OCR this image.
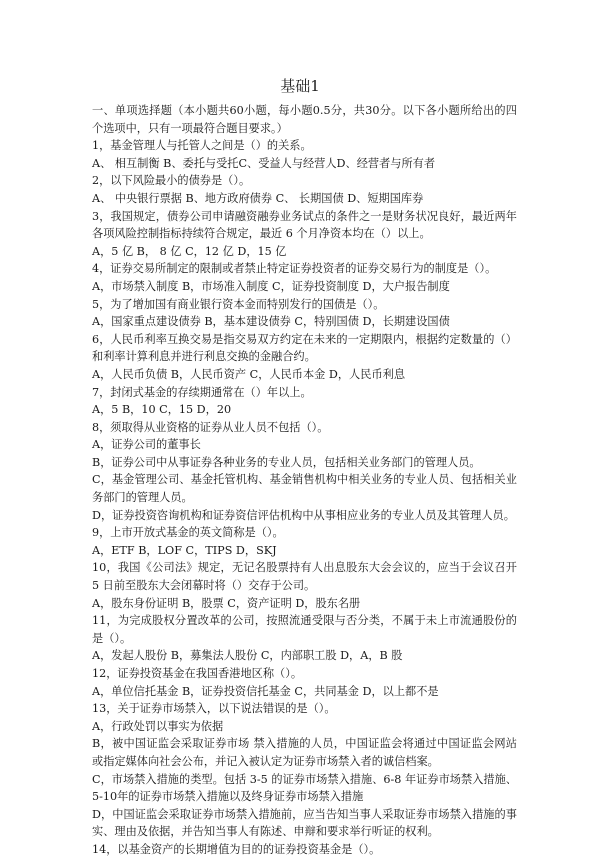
基础1
一、单项选择题（本小题共60小题，每小题0.5分，共30分。以下各小题所给出的四个选项中，只有一项最符合题目要求。）
1，基金管理人与托管人之间是（）的关系。
A、 相互制衡 B、委托与受托C、受益人与经营人D、经营者与所有者
2，以下风险最小的债券是（）。
A、 中央银行票据 B、地方政府债券 C、 长期国债 D、短期国库券
3，我国规定，债券公司申请融资融券业务试点的条件之一是财务状况良好，最近两年各项风险控制指标持续符合规定，最近 6 个月净资本均在（）以上。
A，5 亿 B， 8 亿 C，12 亿 D，15 亿
4，证券交易所制定的限制或者禁止特定证券投资者的证券交易行为的制度是（）。
A，市场禁入制度 B，市场准入制度 C，证券投资制度 D，大户报告制度
5，为了增加国有商业银行资本金而特别发行的国债是（）。
A，国家重点建设债券 B，基本建设债券 C，特别国债 D，长期建设国债
6，人民币利率互换交易是指交易双方约定在未来的一定期限内，根据约定数量的（）和利率计算利息并进行利息交换的金融合约。
A，人民币负债 B，人民币资产 C，人民币本金 D，人民币利息
7，封闭式基金的存续期通常在（）年以上。
A，5 B，10 C，15 D，20
8，须取得从业资格的证券从业人员不包括（）。
A，证券公司的董事长
B，证券公司中从事证券各种业务的专业人员，包括相关业务部门的管理人员。
C，基金管理公司、基金托管机构、基金销售机构中相关业务的专业人员、包括相关业务部门的管理人员。
D，证券投资咨询机构和证券资信评估机构中从事相应业务的专业人员及其管理人员。
9，上市开放式基金的英文简称是（）。
A，ETF B，LOF C，TIPS D，SKJ
10，我国《公司法》规定，无记名股票持有人出息股东大会会议的，应当于会议召开 5 日前至股东大会闭幕时将（）交存于公司。
A，股东身份证明 B，股票 C，资产证明 D，股东名册
11，为完成股权分置改革的公司，按照流通受限与否分类，不属于未上市流通股份的是（）。
A，发起人股份 B，募集法人股份 C，内部职工股 D，A，B 股
12，证券投资基金在我国香港地区称（）。
A，单位信托基金 B，证券投资信托基金 C，共同基金 D，以上都不是
13，关于证券市场禁入，以下说法错误的是（）。
A，行政处罚以事实为依据
B，被中国证监会采取证券市场 禁入措施的人员，中国证监会将通过中国证监会网站或指定媒体向社会公布，并记入被认定为证券市场禁入者的诚信档案。
C，市场禁入措施的类型。包括 3-5 的证券市场禁入措施、6-8 年证券市场禁入措施、5-10年的证券市场禁入措施以及终身证券市场禁入措施
D，中国证监会采取证券市场禁入措施前，应当告知当事人采取证券市场禁入措施的事实、理由及依据，并告知当事人有陈述、申辩和要求举行听证的权利。
14，以基金资产的长期增值为目的的证券投资基金是（）。
